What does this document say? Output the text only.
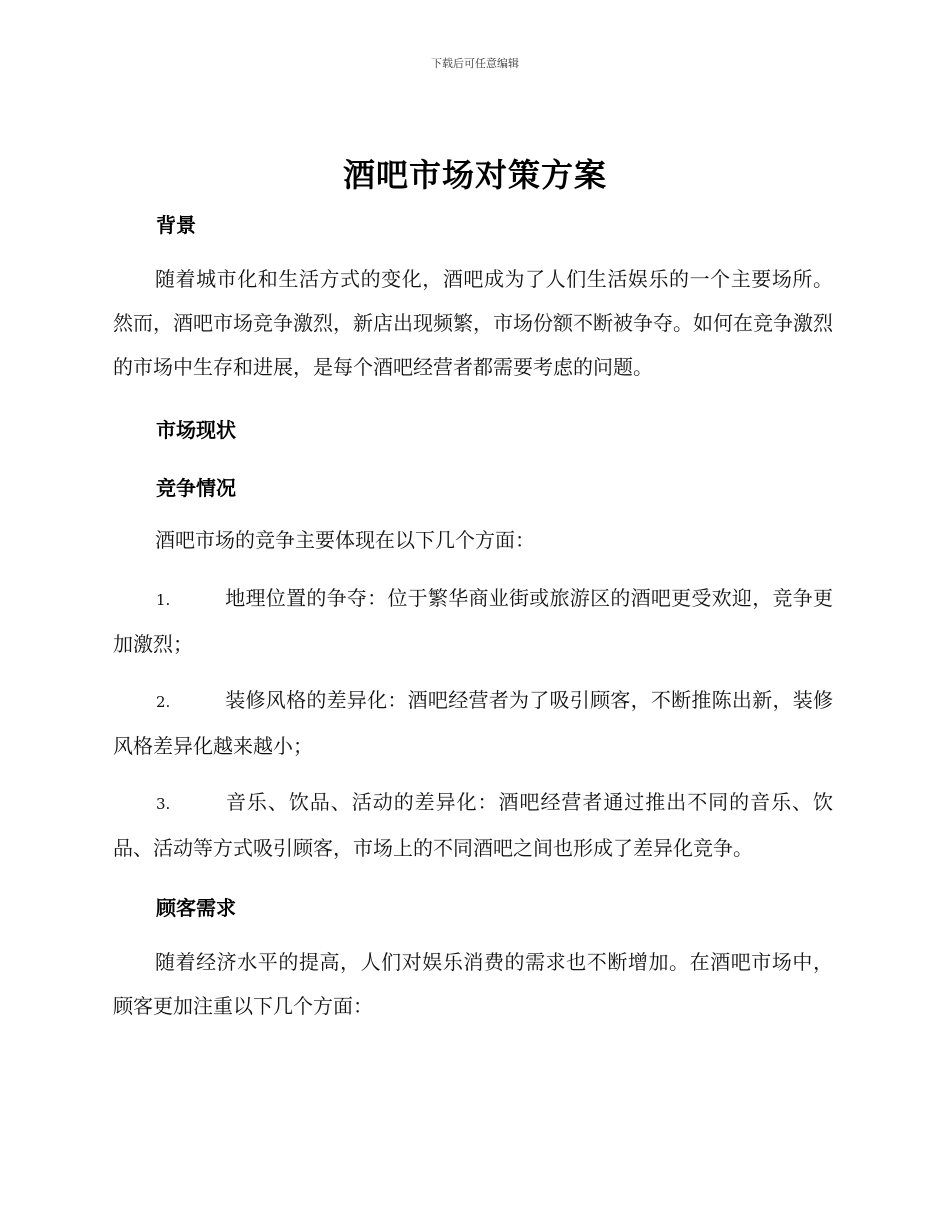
下载后可任意编辑
酒吧市场对策方案
背景
随着城市化和生活方式的变化，酒吧成为了人们生活娱乐的一个主要场所。然而，酒吧市场竞争激烈，新店出现频繁，市场份额不断被争夺。如何在竞争激烈的市场中生存和进展，是每个酒吧经营者都需要考虑的问题。
市场现状
竞争情况
酒吧市场的竞争主要体现在以下几个方面：
1.	地理位置的争夺：位于繁华商业街或旅游区的酒吧更受欢迎，竞争更加激烈；
2.	装修风格的差异化：酒吧经营者为了吸引顾客，不断推陈出新，装修风格差异化越来越小；
3.	音乐、饮品、活动的差异化：酒吧经营者通过推出不同的音乐、饮品、活动等方式吸引顾客，市场上的不同酒吧之间也形成了差异化竞争。
顾客需求
随着经济水平的提高，人们对娱乐消费的需求也不断增加。在酒吧市场中，顾客更加注重以下几个方面：
